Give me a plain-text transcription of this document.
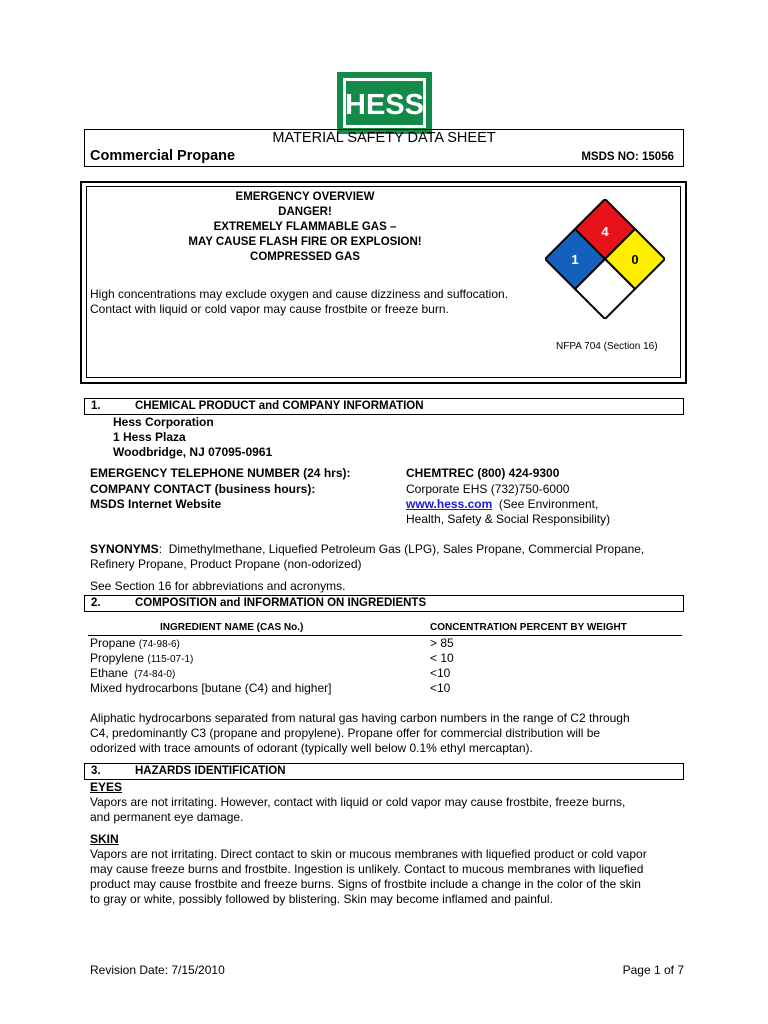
HESS
MATERIAL SAFETY DATA SHEET
Commercial Propane	MSDS NO: 15056
EMERGENCY OVERVIEW
DANGER!
EXTREMELY FLAMMABLE GAS –
MAY CAUSE FLASH FIRE OR EXPLOSION!
COMPRESSED GAS
High concentrations may exclude oxygen and cause dizziness and suffocation. Contact with liquid or cold vapor may cause frostbite or freeze burn.
4
1	0
NFPA 704 (Section 16)
1.	CHEMICAL PRODUCT and COMPANY INFORMATION
Hess Corporation
1 Hess Plaza
Woodbridge, NJ 07095-0961
EMERGENCY TELEPHONE NUMBER (24 hrs):	CHEMTREC (800) 424-9300
COMPANY CONTACT (business hours):	Corporate EHS (732)750-6000
MSDS Internet Website	www.hess.com  (See Environment,
Health, Safety & Social Responsibility)
SYNONYMS:  Dimethylmethane, Liquefied Petroleum Gas (LPG), Sales Propane, Commercial Propane,
Refinery Propane, Product Propane (non-odorized)
See Section 16 for abbreviations and acronyms.
2.	COMPOSITION and INFORMATION ON INGREDIENTS
INGREDIENT NAME (CAS No.)	CONCENTRATION PERCENT BY WEIGHT
Propane (74-98-6)	> 85
Propylene (115-07-1)	< 10
Ethane  (74-84-0)	<10
Mixed hydrocarbons [butane (C4) and higher]	<10
Aliphatic hydrocarbons separated from natural gas having carbon numbers in the range of C2 through
C4, predominantly C3 (propane and propylene). Propane offer for commercial distribution will be
odorized with trace amounts of odorant (typically well below 0.1% ethyl mercaptan).
3.	HAZARDS IDENTIFICATION
EYES
Vapors are not irritating. However, contact with liquid or cold vapor may cause frostbite, freeze burns,
and permanent eye damage.
SKIN
Vapors are not irritating. Direct contact to skin or mucous membranes with liquefied product or cold vapor
may cause freeze burns and frostbite. Ingestion is unlikely. Contact to mucous membranes with liquefied
product may cause frostbite and freeze burns. Signs of frostbite include a change in the color of the skin
to gray or white, possibly followed by blistering. Skin may become inflamed and painful.
Revision Date: 7/15/2010	Page 1 of 7
